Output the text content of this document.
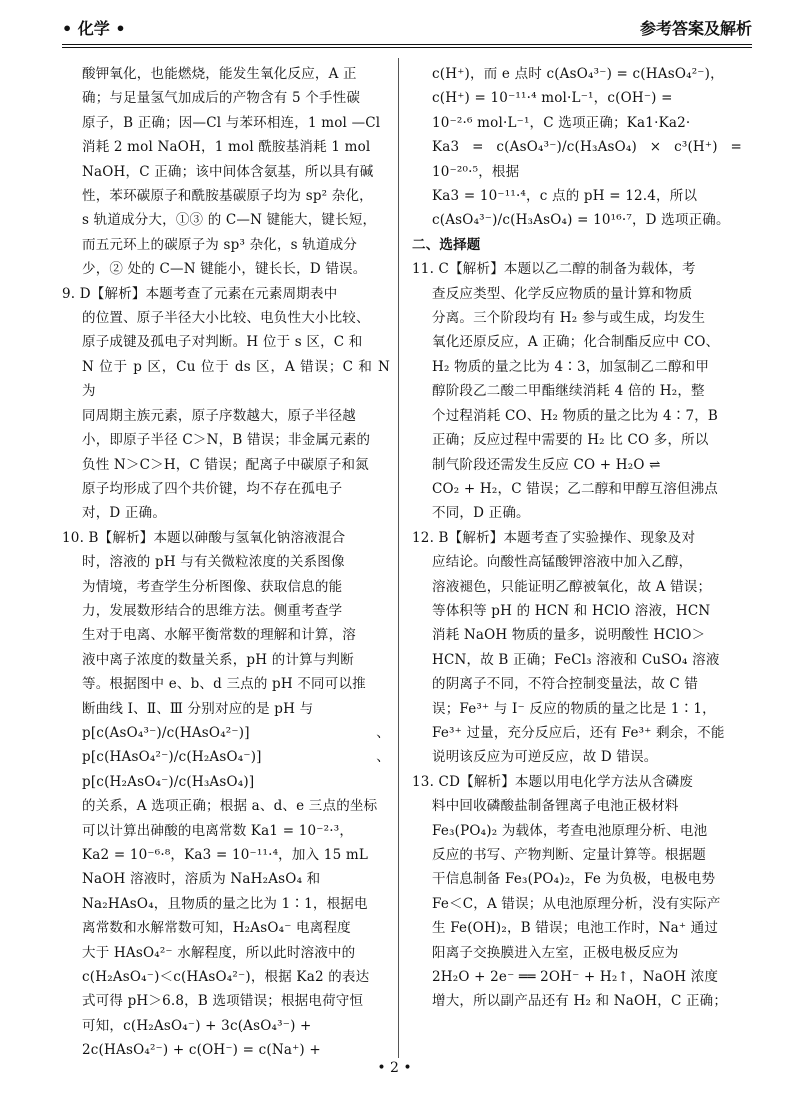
• 化学 •	参考答案及解析
酸钾氧化，也能燃烧，能发生氧化反应，A 正
确；与足量氢气加成后的产物含有 5 个手性碳
原子，B 正确；因—Cl 与苯环相连，1 mol —Cl
消耗 2 mol NaOH，1 mol 酰胺基消耗 1 mol
NaOH，C 正确；该中间体含氨基，所以具有碱
性，苯环碳原子和酰胺基碳原子均为 sp² 杂化，
s 轨道成分大，①③ 的 C—N 键能大，键长短，
而五元环上的碳原子为 sp³ 杂化，s 轨道成分
少，② 处的 C—N 键能小，键长长，D 错误。
9. D【解析】本题考查了元素在元素周期表中
的位置、原子半径大小比较、电负性大小比较、
原子成键及孤电子对判断。H 位于 s 区，C 和
N 位于 p 区，Cu 位于 ds 区，A 错误；C 和 N 为
同周期主族元素，原子序数越大，原子半径越
小，即原子半径 C＞N，B 错误；非金属元素的
负性 N＞C＞H，C 错误；配离子中碳原子和氮
原子均形成了四个共价键，均不存在孤电子
对，D 正确。
10. B【解析】本题以砷酸与氢氧化钠溶液混合
时，溶液的 pH 与有关微粒浓度的关系图像
为情境，考查学生分析图像、获取信息的能
力，发展数形结合的思维方法。侧重考查学
生对于电离、水解平衡常数的理解和计算，溶
液中离子浓度的数量关系，pH 的计算与判断
等。根据图中 e、b、d 三点的 pH 不同可以推
断曲线 Ⅰ、Ⅱ、Ⅲ 分别对应的是 pH 与
p[c(AsO₄³⁻)/c(HAsO₄²⁻)]、p[c(HAsO₄²⁻)/c(H₂AsO₄⁻)]、p[c(H₂AsO₄⁻)/c(H₃AsO₄)]
的关系，A 选项正确；根据 a、d、e 三点的坐标
可以计算出砷酸的电离常数 Ka1 = 10⁻²·³，
Ka2 = 10⁻⁶·⁸，Ka3 = 10⁻¹¹·⁴，加入 15 mL
NaOH 溶液时，溶质为 NaH₂AsO₄ 和
Na₂HAsO₄，且物质的量之比为 1∶1，根据电
离常数和水解常数可知，H₂AsO₄⁻ 电离程度
大于 HAsO₄²⁻ 水解程度，所以此时溶液中的
c(H₂AsO₄⁻)＜c(HAsO₄²⁻)，根据 Ka2 的表达
式可得 pH＞6.8，B 选项错误；根据电荷守恒
可知，c(H₂AsO₄⁻) + 3c(AsO₄³⁻) +
2c(HAsO₄²⁻) + c(OH⁻) = c(Na⁺) +
c(H⁺)，而 e 点时 c(AsO₄³⁻) = c(HAsO₄²⁻)，
c(H⁺) = 10⁻¹¹·⁴ mol·L⁻¹，c(OH⁻) =
10⁻²·⁶ mol·L⁻¹，C 选项正确；Ka1·Ka2·
Ka3 = c(AsO₄³⁻)/c(H₃AsO₄) × c³(H⁺) = 10⁻²⁰·⁵，根据
Ka3 = 10⁻¹¹·⁴，c 点的 pH = 12.4，所以
c(AsO₄³⁻)/c(H₃AsO₄) = 10¹⁶·⁷，D 选项正确。
二、选择题
11. C【解析】本题以乙二醇的制备为载体，考
查反应类型、化学反应物质的量计算和物质
分离。三个阶段均有 H₂ 参与或生成，均发生
氧化还原反应，A 正确；化合制酯反应中 CO、
H₂ 物质的量之比为 4∶3，加氢制乙二醇和甲
醇阶段乙二酸二甲酯继续消耗 4 倍的 H₂，整
个过程消耗 CO、H₂ 物质的量之比为 4∶7，B
正确；反应过程中需要的 H₂ 比 CO 多，所以
制气阶段还需发生反应 CO + H₂O ⇌
CO₂ + H₂，C 错误；乙二醇和甲醇互溶但沸点
不同，D 正确。
12. B【解析】本题考查了实验操作、现象及对
应结论。向酸性高锰酸钾溶液中加入乙醇，
溶液褪色，只能证明乙醇被氧化，故 A 错误；
等体积等 pH 的 HCN 和 HClO 溶液，HCN
消耗 NaOH 物质的量多，说明酸性 HClO＞
HCN，故 B 正确；FeCl₃ 溶液和 CuSO₄ 溶液
的阴离子不同，不符合控制变量法，故 C 错
误；Fe³⁺ 与 I⁻ 反应的物质的量之比是 1∶1，
Fe³⁺ 过量，充分反应后，还有 Fe³⁺ 剩余，不能
说明该反应为可逆反应，故 D 错误。
13. CD【解析】本题以用电化学方法从含磷废
料中回收磷酸盐制备锂离子电池正极材料
Fe₃(PO₄)₂ 为载体，考查电池原理分析、电池
反应的书写、产物判断、定量计算等。根据题
干信息制备 Fe₃(PO₄)₂，Fe 为负极，电极电势
Fe＜C，A 错误；从电池原理分析，没有实际产
生 Fe(OH)₂，B 错误；电池工作时，Na⁺ 通过
阳离子交换膜进入左室，正极电极反应为
2H₂O + 2e⁻ ══ 2OH⁻ + H₂↑，NaOH 浓度
增大，所以副产品还有 H₂ 和 NaOH，C 正确；
• 2 •
